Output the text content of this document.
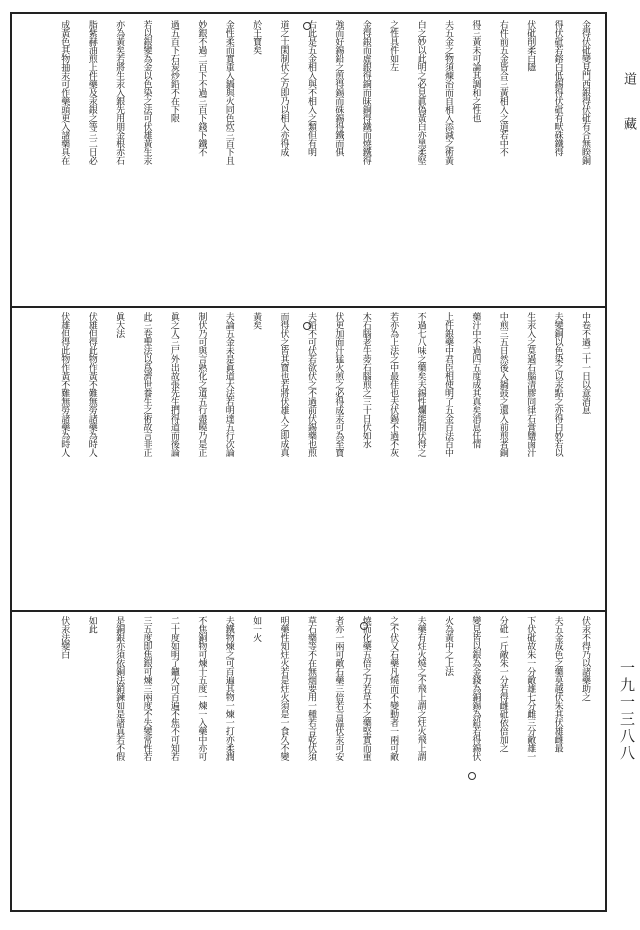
道 藏
一九一三八八
金得伏砒變見門西銀得伏砒有合無睽銅
得伏砒若鎔白低錫得伏砒有畎硃鐵得
伏砒削柔白隱
右件前五金皆合三黃相入之道若中不
得三黃未可論其調和之性也
夫五金之物須煉治而自相入添減之術黃
白之妙以此明之必見眞偽黃白亦黑柔堅
之性具件如左
金得銀而虛銀得銅而昧銅得鐵而燒鐵得
強而好錫鉛之煎得錫而硃錫得鐵而俱
右此是五金相入與不相入之類但有明
道之士閑制伏之方即乃以相入亦得成
於王寶矣
金性柔而實重入鍋與火同色炊三百下且
妙銀不過二百下不過三百下錢下鐵不
過五百下石炭炒鉛不在下限
若以銀變為金以色染之法可伏雄黃生汞
亦為黃矣若將生汞入銀先用朋金根赤石
脂紫赫油煎上件藥及汞銀之等三二日必
成黃色其物抽汞可作藥頭更入諸藥具在
中卷不過二十一日以意消息
夫變銅以色染之以汞點之亦得白妙若以
生汞入之莫過石腦清膠同律石膏鹽鹵汁
中煎三五日然後入鍋鼓之還入前煎者銅
藥汁中不過四五度成其真矣消息任情
上件銀藥中君臣相使明了五金百法百中
不過七八味之藥矣夫錫性爛能制伏得之
若亦為上法之中最佳也夫伏錫不過不灰
木石腦老牛蒡石腦煎之三十日伏如水
伏更加面汁猛火煎之必得成汞可為至寶
夫鉛不可伏若欲伏之不過前伏錫藥也煎
而得伏之皆其寶也若將伏雄入之即成真
黃矣
夫論五金未是眞道大法若明達五行次論
制伏乃可與言熟化之道五行盡曉乃是正
眞之人三尸外出故張先生捫得道而後論
此三卷聖法以爲濟世養生之術故言非正
眞大法
伏雄但得此物作黃不難無勞諸藥為時人
伏雄但得此物作黃不難無勞諸藥為時人
伏汞不得乃以諸藥助之
夫五金成色之藥莫越伏朱其伏雄雌最
下伏砒故朱一分敵雄七分雌三分敵雄一
分砒一斤敵朱一分若得雌砒依倍加之
變見皆以銀為金錢為銅錫為鉛若得錫伏
火為黃中之上法
夫藥有炷火燒之不飛上謂之炷火飛上謂
之不伏又石藥凡燒而不變動者一兩可敵
燒而化藥五倍之力若草木之藥堅實而重
者亦一兩可敵石藥三倍若言溫伏汞可安
草石藥等不在無烟要用一種若言乾伏須
明藥性知炷火若是炷火須是一食久不變
如一火
夫鐵物煉之可百遍其物一煉一打亦柔潤
不焦銅物可煉十五度一煉一入藥中亦可
二十度如明了鑪火可百遍不焦不可知若
三五度即焦銀可煉三兩度不失變常性若
是銅銀亦須依銅法銷鍊如是諸真若不假
如此
伏汞法變白
